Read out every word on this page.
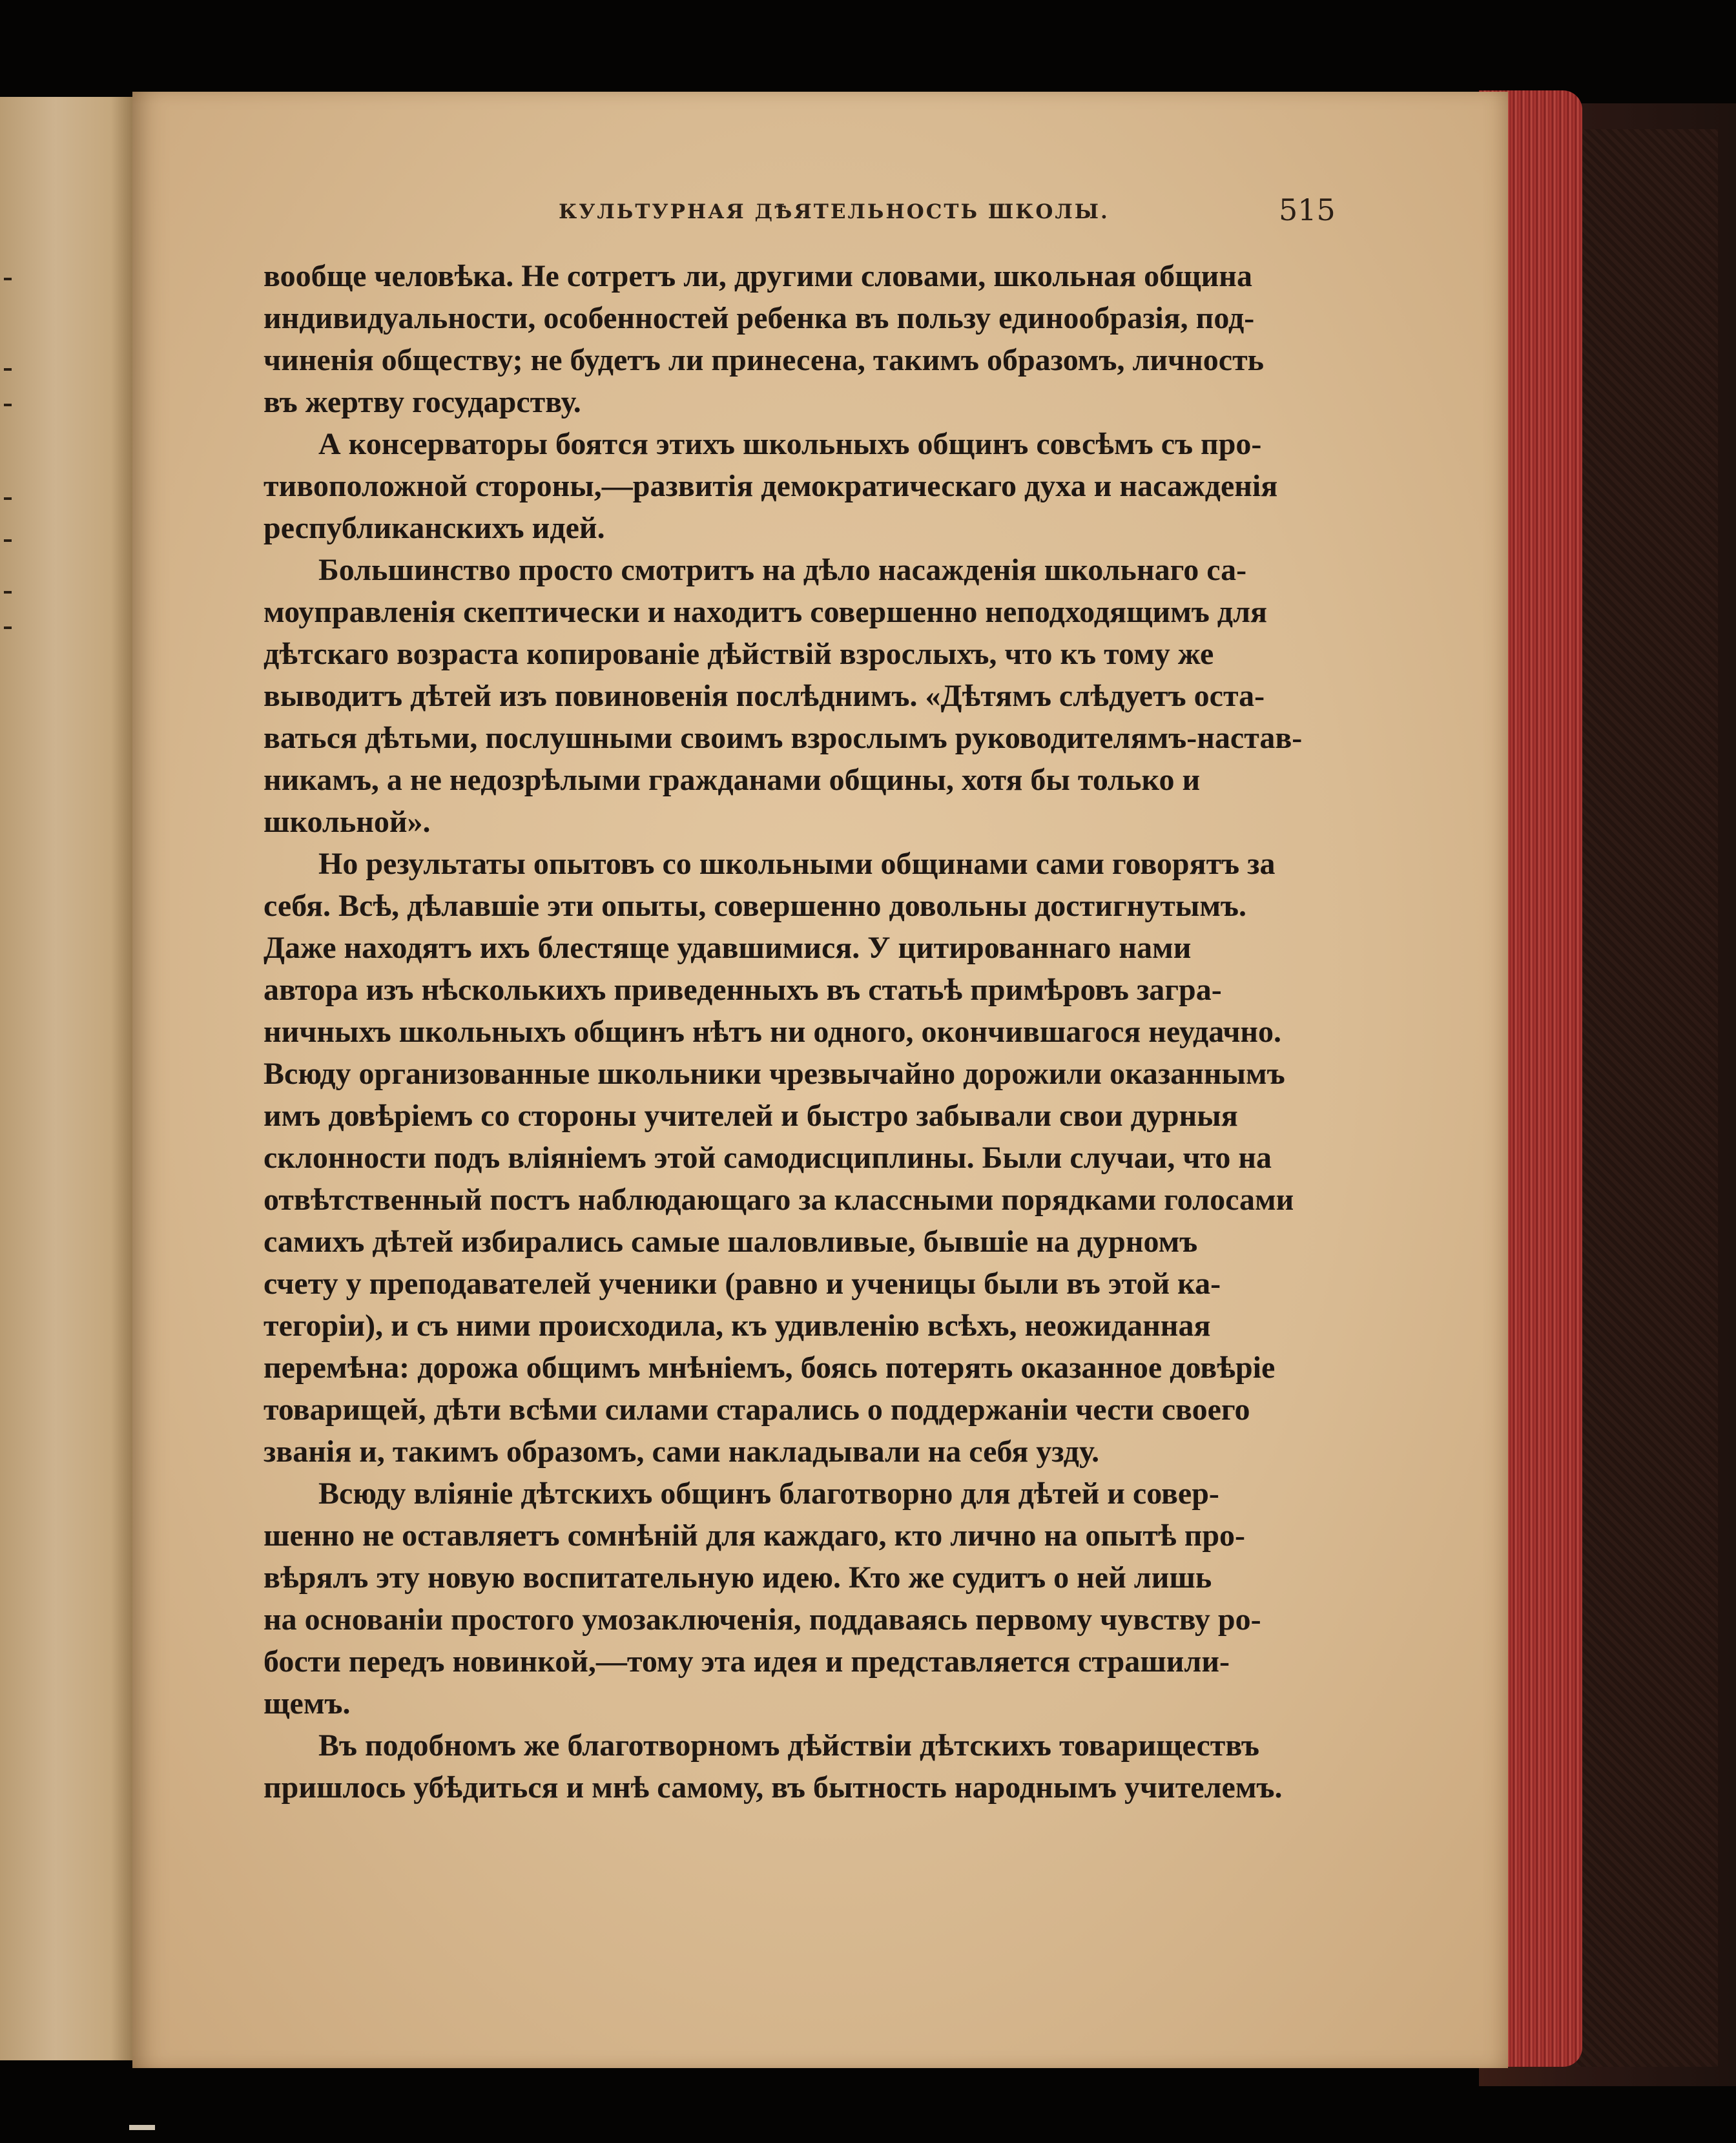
КУЛЬТУРНАЯ ДѢЯТЕЛЬНОСТЬ ШКОЛЫ.	515
вообще человѣка. Не сотретъ ли, другими словами, школьная община
индивидуальности, особенностей ребенка въ пользу единообразія, под-
чиненія обществу; не будетъ ли принесена, такимъ образомъ, личность
въ жертву государству.
А консерваторы боятся этихъ школьныхъ общинъ совсѣмъ съ про-
тивоположной стороны,—развитія демократическаго духа и насажденія
республиканскихъ идей.
Большинство просто смотритъ на дѣло насажденія школьнаго са-
моуправленія скептически и находитъ совершенно неподходящимъ для
дѣтскаго возраста копированіе дѣйствій взрослыхъ, что къ тому же
выводитъ дѣтей изъ повиновенія послѣднимъ. «Дѣтямъ слѣдуетъ оста-
ваться дѣтьми, послушными своимъ взрослымъ руководителямъ-настав-
никамъ, а не недозрѣлыми гражданами общины, хотя бы только и
школьной».
Но результаты опытовъ со школьными общинами сами говорятъ за
себя. Всѣ, дѣлавшіе эти опыты, совершенно довольны достигнутымъ.
Даже находятъ ихъ блестяще удавшимися. У цитированнаго нами
автора изъ нѣсколькихъ приведенныхъ въ статьѣ примѣровъ загра-
ничныхъ школьныхъ общинъ нѣтъ ни одного, окончившагося неудачно.
Всюду организованные школьники чрезвычайно дорожили оказаннымъ
имъ довѣріемъ со стороны учителей и быстро забывали свои дурныя
склонности подъ вліяніемъ этой самодисциплины. Были случаи, что на
отвѣтственный постъ наблюдающаго за классными порядками голосами
самихъ дѣтей избирались самые шаловливые, бывшіе на дурномъ
счету у преподавателей ученики (равно и ученицы были въ этой ка-
тегоріи), и съ ними происходила, къ удивленію всѣхъ, неожиданная
перемѣна: дорожа общимъ мнѣніемъ, боясь потерять оказанное довѣріе
товарищей, дѣти всѣми силами старались о поддержаніи чести своего
званія и, такимъ образомъ, сами накладывали на себя узду.
Всюду вліяніе дѣтскихъ общинъ благотворно для дѣтей и совер-
шенно не оставляетъ сомнѣній для каждаго, кто лично на опытѣ про-
вѣрялъ эту новую воспитательную идею. Кто же судитъ о ней лишь
на основаніи простого умозаключенія, поддаваясь первому чувству ро-
бости передъ новинкой,—тому эта идея и представляется страшили-
щемъ.
Въ подобномъ же благотворномъ дѣйствіи дѣтскихъ товариществъ
пришлось убѣдиться и мнѣ самому, въ бытность народнымъ учителемъ.
